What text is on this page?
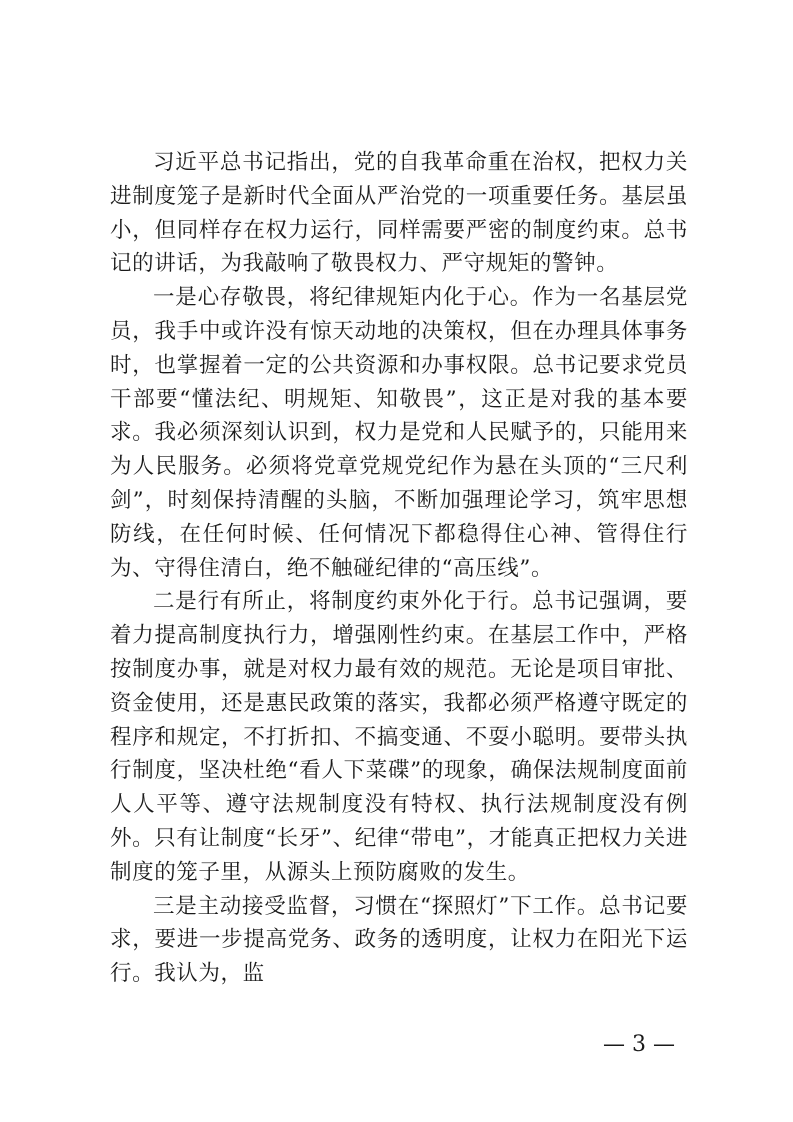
习近平总书记指出，党的自我革命重在治权，把权力关进制度笼子是新时代全面从严治党的一项重要任务。基层虽小，但同样存在权力运行，同样需要严密的制度约束。总书记的讲话，为我敲响了敬畏权力、严守规矩的警钟。

一是心存敬畏，将纪律规矩内化于心。作为一名基层党员，我手中或许没有惊天动地的决策权，但在办理具体事务时，也掌握着一定的公共资源和办事权限。总书记要求党员干部要“懂法纪、明规矩、知敬畏”，这正是对我的基本要求。我必须深刻认识到，权力是党和人民赋予的，只能用来为人民服务。必须将党章党规党纪作为悬在头顶的“三尺利剑”，时刻保持清醒的头脑，不断加强理论学习，筑牢思想防线，在任何时候、任何情况下都稳得住心神、管得住行为、守得住清白，绝不触碰纪律的“高压线”。

二是行有所止，将制度约束外化于行。总书记强调，要着力提高制度执行力，增强刚性约束。在基层工作中，严格按制度办事，就是对权力最有效的规范。无论是项目审批、资金使用，还是惠民政策的落实，我都必须严格遵守既定的程序和规定，不打折扣、不搞变通、不耍小聪明。要带头执行制度，坚决杜绝“看人下菜碟”的现象，确保法规制度面前人人平等、遵守法规制度没有特权、执行法规制度没有例外。只有让制度“长牙”、纪律“带电”，才能真正把权力关进制度的笼子里，从源头上预防腐败的发生。

三是主动接受监督，习惯在“探照灯”下工作。总书记要求，要进一步提高党务、政务的透明度，让权力在阳光下运行。我认为，监

— 3 —
